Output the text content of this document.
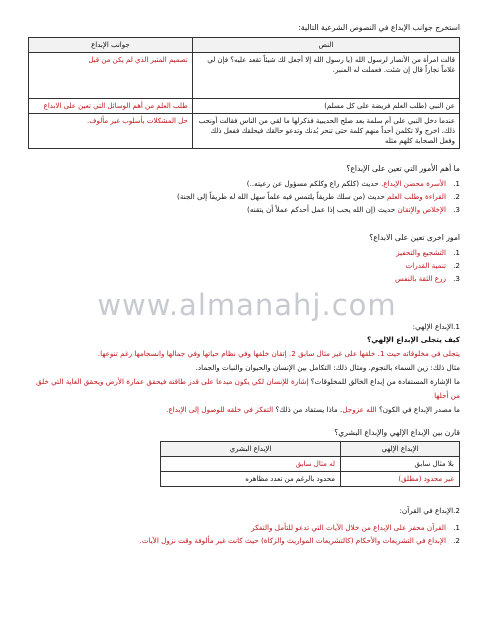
استخرج جوانب الإبداع في النصوص الشرعية التالية:

النص	جوانب الإبداع
قالت امرأة من الأنصار لرسول الله (يا رسول الله إلا أجعل لك شيئاً تقعد عليه؟ فإن لي غلاماً نجاراً قال إن شئت. فعملت له المنبر.	تصميم المنبر الذي لم يكن من قبل
عن النبي (طلب العلم فريضة على كل مسلم)	طلب العلم من أهم الوسائل التي تعين على الابداع
عندما دخل النبي على أم سلمة بعد صلح الحديبية فذكرلها ما لقي من الناس فقالت أونحب ذلك، اخرج ولا تكلمن أحداً منهم كلمة حتى تنحر بُدنك وتدعو حالقك فيحلقك ففعل ذلك وفعل الصحابة كلهم مثله	حل المشكلات بأسلوب غير مألوف.

ما أهم الأمور التي تعين على الإبداع؟

1.الأسرة محضن الإبداع. حديث (كلكم راع وكلكم مسؤول عن رعيته..)
2.القراءة وطلب العلم حديث (من سلك طريقاً يلتمس فيه علماً سهل الله له طريقاً إلى الجنة)
3.الإخلاص والإتقان حديث (إن الله يحب إذا عمل أحدكم عملاً أن يتقنه)

امور اخرى تعين على الابداع؟

1.التشجيع والتحفيز
2.تنمية القدرات
3.زرع الثقة بالنفس

1.الإبداع الإلهي:

كيف يتجلى الإبداع الإلهي؟

يتجلى في مخلوقاته حيث 1. خلقها على غير مثال سابق 2. إتقان خلقها وفي نظام حياتها وفي جمالها وانسجامها رغم تنوعها.

مثال ذلك: زين السماء بالنجوم. ومثال ذلك: التكامل بين الإنسان والحيوان والنبات والجماد.

ما الإشارة المستفادة من إبداع الخالق للمخلوقات؟ إشارة للإنسان لكي يكون مبدعا على قدر طاقته فيحقق عمارة الأرض ويحقق الغاية التي خلق من أجلها

ما مصدر الإبداع في الكون؟ الله عزوجل. ماذا يستفاد من ذلك؟ التفكر في خلقه للوصول إلى الإبداع.

قارن بين الإبداع الإلهي والإبداع البشري؟

الإبداع الإلهي	الإبداع البشري
بلا مثال سابق	له مثال سابق
غير محدود (مطلق)	محدود بالرغم من تعدد مظاهره

2.الإبداع في القرآن:

1.القرآن محفز على الإبداع من خلال الآيات التي تدعو للتأمل والتفكر
2.الإبداع في التشريعات والأحكام (كالتشريعات المواريث والزكاة) حيث كانت غير مألوفة وقت نزول الآيات.
www.almanahj.com
